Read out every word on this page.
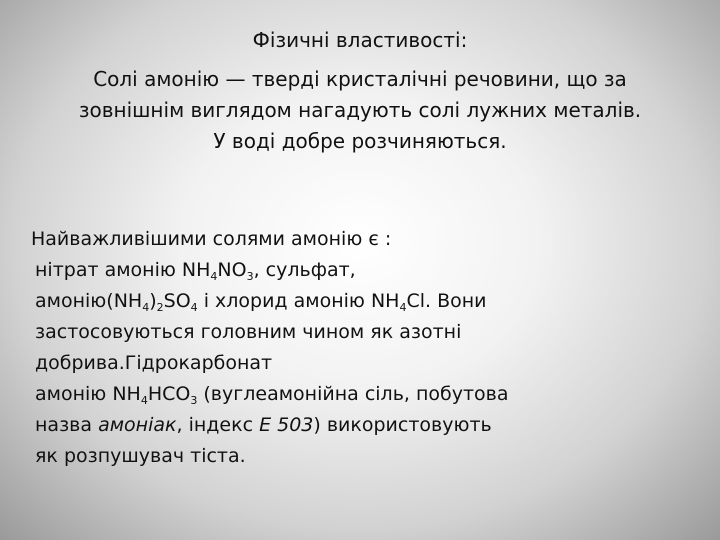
Фізичні властивості:
Солі амонію — тверді кристалічні речовини, що за
зовнішнім виглядом нагадують солі лужних металів.
У воді добре розчиняються.
Найважливішими солями амонію є :
нітрат амонію $NH_4NO_3$, сульфат,
$амонію(NH_4)_2SO_4$ і хлорид амонію $NH_4Cl$. Вони
застосовуються головним чином як азотні
добрива.Гідрокарбонат
амонію $NH_4HCO_3$ (вуглеамонійна сіль, побутова
назва амоніак, індекс E 503) використовують
як розпушувач тіста.
